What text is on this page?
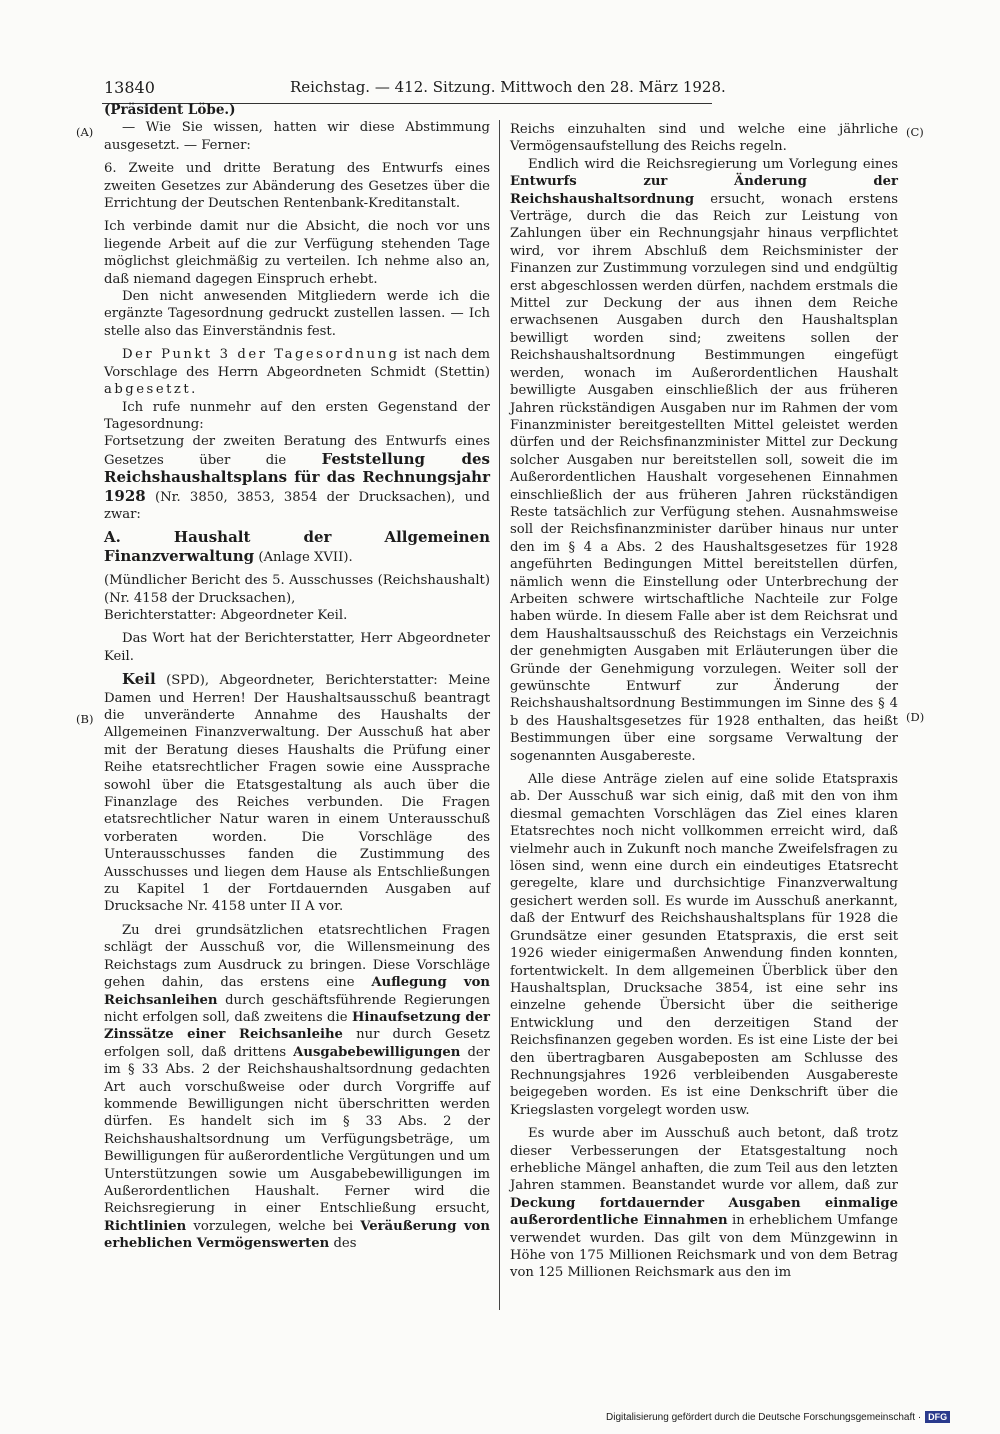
13840	Reichstag. — 412. Sitzung. Mittwoch den 28. März 1928.
(A)
(B)
(C)
(D)

(Präsident Löbe.)

— Wie Sie wissen, hatten wir diese Abstimmung ausgesetzt. — Ferner:

6. Zweite und dritte Beratung des Entwurfs eines zweiten Gesetzes zur Abänderung des Gesetzes über die Errichtung der Deutschen Rentenbank-Kreditanstalt.

Ich verbinde damit nur die Absicht, die noch vor uns liegende Arbeit auf die zur Verfügung stehenden Tage möglichst gleichmäßig zu verteilen. Ich nehme also an, daß niemand dagegen Einspruch erhebt.

Den nicht anwesenden Mitgliedern werde ich die ergänzte Tagesordnung gedruckt zustellen lassen. — Ich stelle also das Einverständnis fest.

Der Punkt 3 der Tagesordnung ist nach dem Vorschlage des Herrn Abgeordneten Schmidt (Stettin) abgesetzt.

Ich rufe nunmehr auf den ersten Gegenstand der Tagesordnung:

Fortsetzung der zweiten Beratung des Entwurfs eines Gesetzes über die Feststellung des Reichshaushaltsplans für das Rechnungsjahr 1928 (Nr. 3850, 3853, 3854 der Drucksachen), und zwar:

A. Haushalt der Allgemeinen Finanzverwaltung (Anlage XVII).

(Mündlicher Bericht des 5. Ausschusses (Reichshaushalt) (Nr. 4158 der Drucksachen),

Berichterstatter: Abgeordneter Keil.

Das Wort hat der Berichterstatter, Herr Abgeordneter Keil.

Keil (SPD), Abgeordneter, Berichterstatter: Meine Damen und Herren! Der Haushaltsausschuß beantragt die unveränderte Annahme des Haushalts der Allgemeinen Finanzverwaltung. Der Ausschuß hat aber mit der Beratung dieses Haushalts die Prüfung einer Reihe etatsrechtlicher Fragen sowie eine Aussprache sowohl über die Etatsgestaltung als auch über die Finanzlage des Reiches verbunden. Die Fragen etatsrechtlicher Natur waren in einem Unterausschuß vorberaten worden. Die Vorschläge des Unterausschusses fanden die Zustimmung des Ausschusses und liegen dem Hause als Entschließungen zu Kapitel 1 der Fortdauernden Ausgaben auf Drucksache Nr. 4158 unter II A vor.

Zu drei grundsätzlichen etatsrechtlichen Fragen schlägt der Ausschuß vor, die Willensmeinung des Reichstags zum Ausdruck zu bringen. Diese Vorschläge gehen dahin, das erstens eine Auflegung von Reichsanleihen durch geschäftsführende Regierungen nicht erfolgen soll, daß zweitens die Hinaufsetzung der Zinssätze einer Reichsanleihe nur durch Gesetz erfolgen soll, daß drittens Ausgabebewilligungen der im § 33 Abs. 2 der Reichshaushaltsordnung gedachten Art auch vorschußweise oder durch Vorgriffe auf kommende Bewilligungen nicht überschritten werden dürfen. Es handelt sich im § 33 Abs. 2 der Reichshaushaltsordnung um Verfügungsbeträge, um Bewilligungen für außerordentliche Vergütungen und um Unterstützungen sowie um Ausgabebewilligungen im Außerordentlichen Haushalt. Ferner wird die Reichsregierung in einer Entschließung ersucht, Richtlinien vorzulegen, welche bei Veräußerung von erheblichen Vermögenswerten des

Reichs einzuhalten sind und welche eine jährliche Vermögensaufstellung des Reichs regeln.

Endlich wird die Reichsregierung um Vorlegung eines Entwurfs zur Änderung der Reichshaushaltsordnung ersucht, wonach erstens Verträge, durch die das Reich zur Leistung von Zahlungen über ein Rechnungsjahr hinaus verpflichtet wird, vor ihrem Abschluß dem Reichsminister der Finanzen zur Zustimmung vorzulegen sind und endgültig erst abgeschlossen werden dürfen, nachdem erstmals die Mittel zur Deckung der aus ihnen dem Reiche erwachsenen Ausgaben durch den Haushaltsplan bewilligt worden sind; zweitens sollen der Reichshaushaltsordnung Bestimmungen eingefügt werden, wonach im Außerordentlichen Haushalt bewilligte Ausgaben einschließlich der aus früheren Jahren rückständigen Ausgaben nur im Rahmen der vom Finanzminister bereitgestellten Mittel geleistet werden dürfen und der Reichsfinanzminister Mittel zur Deckung solcher Ausgaben nur bereitstellen soll, soweit die im Außerordentlichen Haushalt vorgesehenen Einnahmen einschließlich der aus früheren Jahren rückständigen Reste tatsächlich zur Verfügung stehen. Ausnahmsweise soll der Reichsfinanzminister darüber hinaus nur unter den im § 4 a Abs. 2 des Haushaltsgesetzes für 1928 angeführten Bedingungen Mittel bereitstellen dürfen, nämlich wenn die Einstellung oder Unterbrechung der Arbeiten schwere wirtschaftliche Nachteile zur Folge haben würde. In diesem Falle aber ist dem Reichsrat und dem Haushaltsausschuß des Reichstags ein Verzeichnis der genehmigten Ausgaben mit Erläuterungen über die Gründe der Genehmigung vorzulegen. Weiter soll der gewünschte Entwurf zur Änderung der Reichshaushaltsordnung Bestimmungen im Sinne des § 4 b des Haushaltsgesetzes für 1928 enthalten, das heißt Bestimmungen über eine sorgsame Verwaltung der sogenannten Ausgabereste.

Alle diese Anträge zielen auf eine solide Etatspraxis ab. Der Ausschuß war sich einig, daß mit den von ihm diesmal gemachten Vorschlägen das Ziel eines klaren Etatsrechtes noch nicht vollkommen erreicht wird, daß vielmehr auch in Zukunft noch manche Zweifelsfragen zu lösen sind, wenn eine durch ein eindeutiges Etatsrecht geregelte, klare und durchsichtige Finanzverwaltung gesichert werden soll. Es wurde im Ausschuß anerkannt, daß der Entwurf des Reichshaushaltsplans für 1928 die Grundsätze einer gesunden Etatspraxis, die erst seit 1926 wieder einigermaßen Anwendung finden konnten, fortentwickelt. In dem allgemeinen Überblick über den Haushaltsplan, Drucksache 3854, ist eine sehr ins einzelne gehende Übersicht über die seitherige Entwicklung und den derzeitigen Stand der Reichsfinanzen gegeben worden. Es ist eine Liste der bei den übertragbaren Ausgabeposten am Schlusse des Rechnungsjahres 1926 verbleibenden Ausgabereste beigegeben worden. Es ist eine Denkschrift über die Kriegslasten vorgelegt worden usw.

Es wurde aber im Ausschuß auch betont, daß trotz dieser Verbesserungen der Etatsgestaltung noch erhebliche Mängel anhaften, die zum Teil aus den letzten Jahren stammen. Beanstandet wurde vor allem, daß zur Deckung fortdauernder Ausgaben einmalige außerordentliche Einnahmen in erheblichem Umfange verwendet wurden. Das gilt von dem Münzgewinn in Höhe von 175 Millionen Reichsmark und von dem Betrag von 125 Millionen Reichsmark aus den im

Digitalisierung gefördert durch die Deutsche Forschungsgemeinschaft · DFG
